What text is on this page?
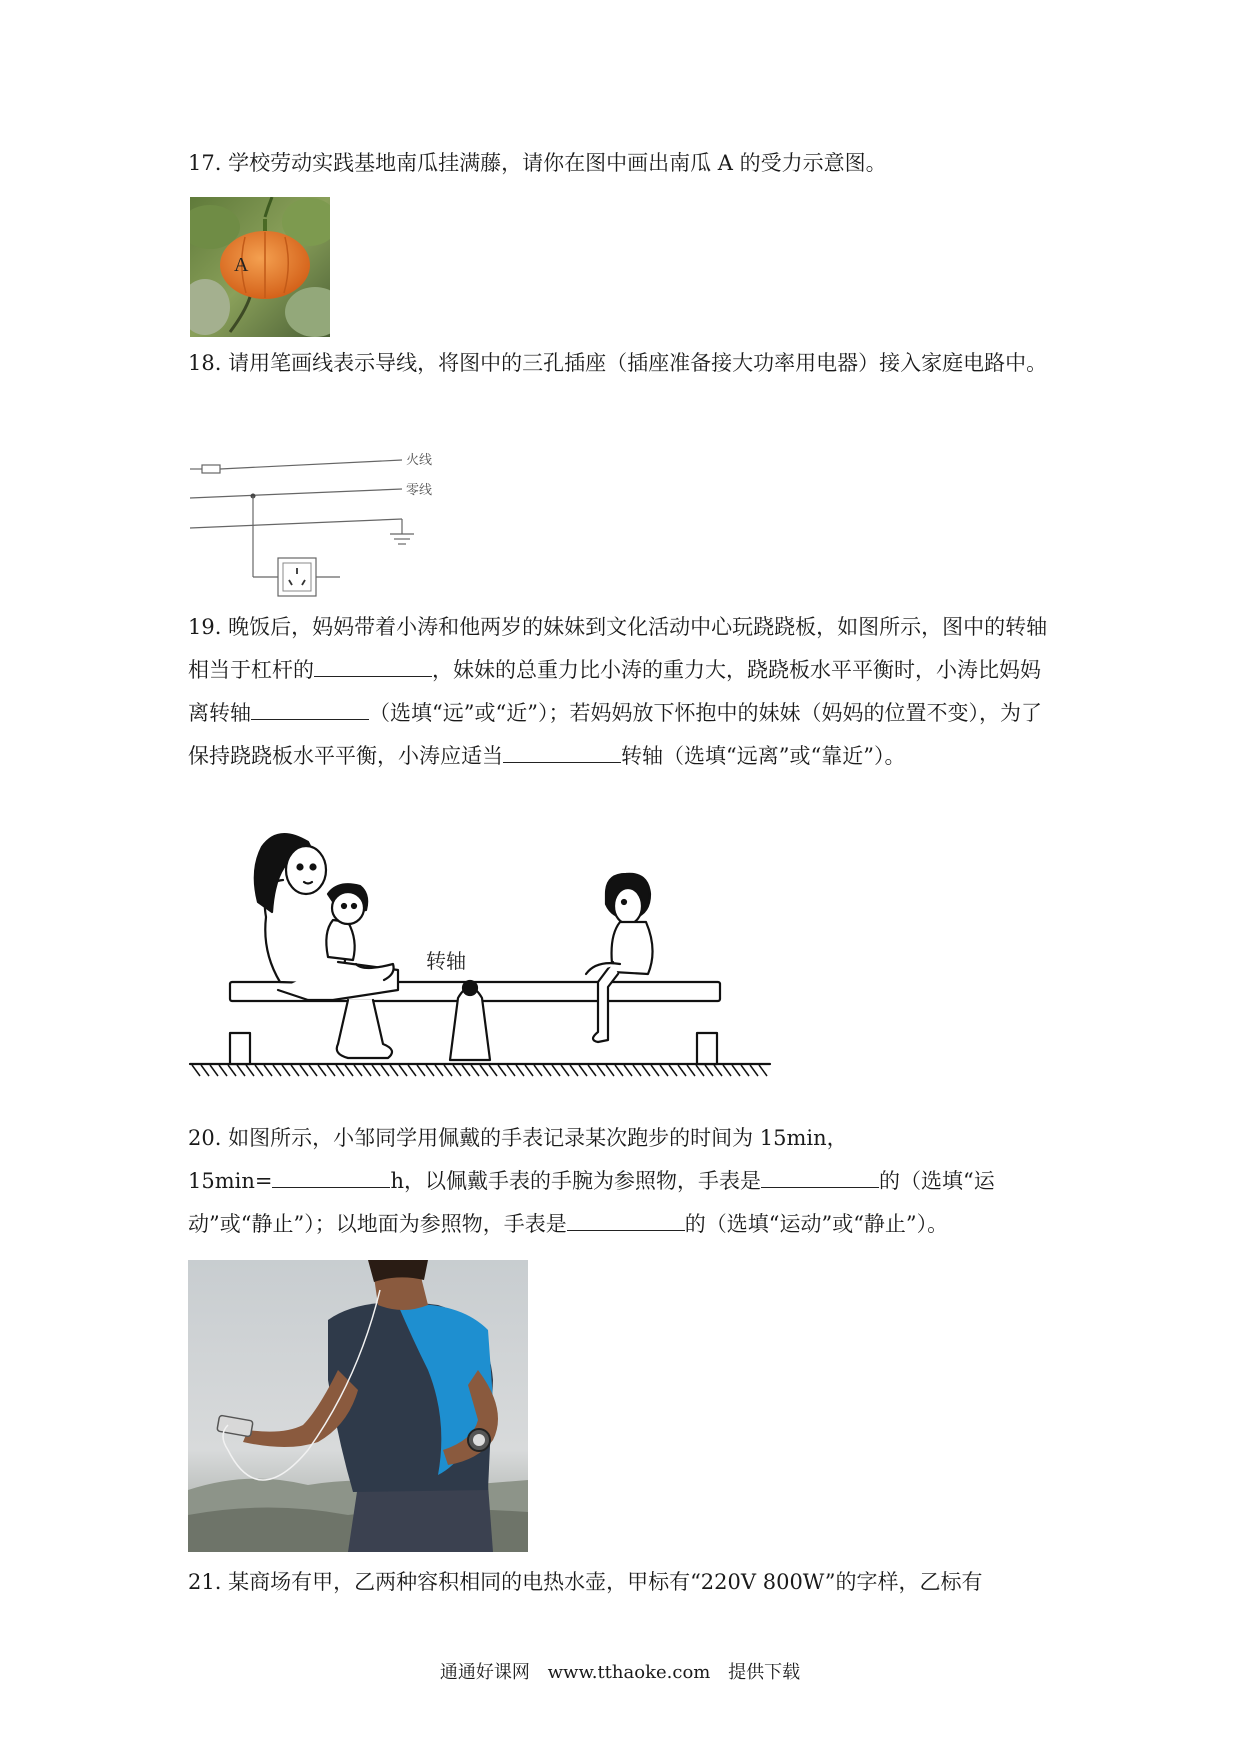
17. 学校劳动实践基地南瓜挂满藤，请你在图中画出南瓜 A 的受力示意图。
A
18. 请用笔画线表示导线，将图中的三孔插座（插座准备接大功率用电器）接入家庭电路中。
火线
零线
19. 晚饭后，妈妈带着小涛和他两岁的妹妹到文化活动中心玩跷跷板，如图所示，图中的转轴相当于杠杆的	，妹妹的总重力比小涛的重力大，跷跷板水平平衡时，小涛比妈妈离转轴	（选填“远”或“近”）；若妈妈放下怀抱中的妹妹（妈妈的位置不变），为了保持跷跷板水平平衡，小涛应适当	转轴（选填“远离”或“靠近”）。
转轴
20. 如图所示，小邹同学用佩戴的手表记录某次跑步的时间为 15min，
15min=	h，以佩戴手表的手腕为参照物，手表是	的（选填“运动”或“静止”）；以地面为参照物，手表是	的（选填“运动”或“静止”）。
21. 某商场有甲，乙两种容积相同的电热水壶，甲标有“220V 800W”的字样，乙标有
通通好课网 www.tthaoke.com 提供下载
